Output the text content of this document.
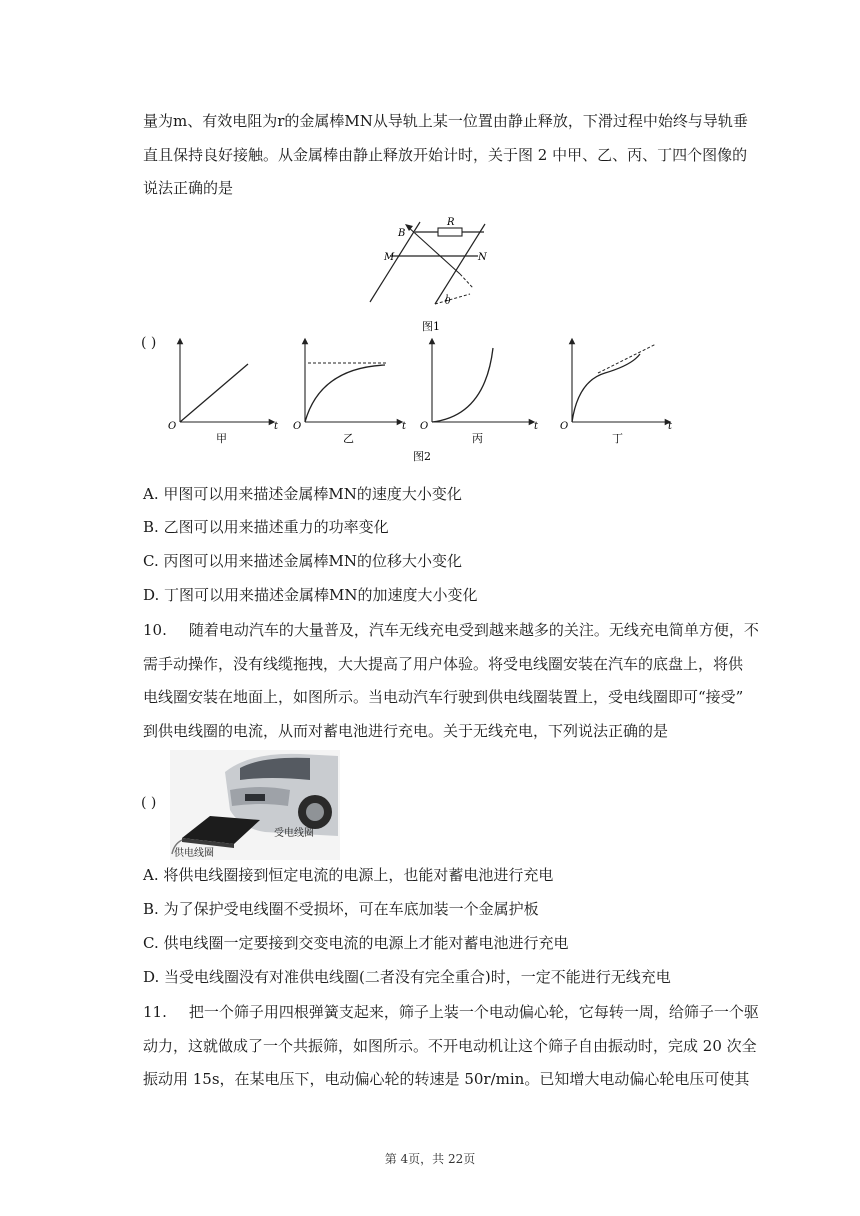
量为m、有效电阻为r的金属棒MN从导轨上某一位置由静止释放，下滑过程中始终与导轨垂
直且保持良好接触。从金属棒由静止释放开始计时，关于图 2 中甲、乙、丙、丁四个图像的
说法正确的是
B
R
M	N
θ
图1
( )
O	t
甲
O	t
乙
O	t
丙
O	t
丁
图2
A. 甲图可以用来描述金属棒MN的速度大小变化
B. 乙图可以用来描述重力的功率变化
C. 丙图可以用来描述金属棒MN的位移大小变化
D. 丁图可以用来描述金属棒MN的加速度大小变化
10. 随着电动汽车的大量普及，汽车无线充电受到越来越多的关注。无线充电简单方便，不
需手动操作，没有线缆拖拽，大大提高了用户体验。将受电线圈安装在汽车的底盘上，将供
电线圈安装在地面上，如图所示。当电动汽车行驶到供电线圈装置上，受电线圈即可“接受”
到供电线圈的电流，从而对蓄电池进行充电。关于无线充电，下列说法正确的是
( )
受电线圈
供电线圈
A. 将供电线圈接到恒定电流的电源上，也能对蓄电池进行充电
B. 为了保护受电线圈不受损坏，可在车底加装一个金属护板
C. 供电线圈一定要接到交变电流的电源上才能对蓄电池进行充电
D. 当受电线圈没有对准供电线圈(二者没有完全重合)时，一定不能进行无线充电
11. 把一个筛子用四根弹簧支起来，筛子上装一个电动偏心轮，它每转一周，给筛子一个驱
动力，这就做成了一个共振筛，如图所示。不开电动机让这个筛子自由振动时，完成 20 次全
振动用 15s，在某电压下，电动偏心轮的转速是 50r/min。已知增大电动偏心轮电压可使其
第 4页，共 22页
